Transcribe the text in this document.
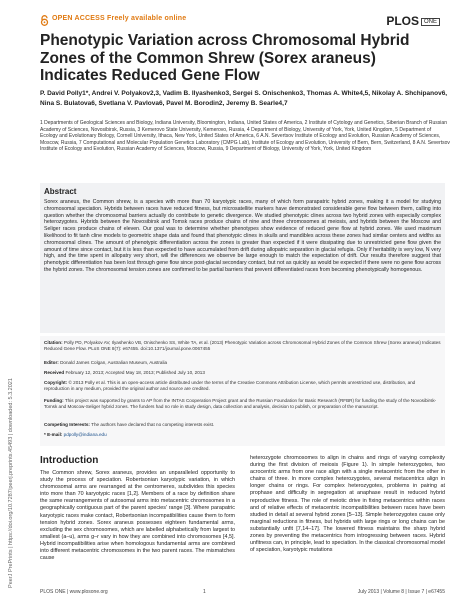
OPEN ACCESS Freely available online	PLOS ONE
Phenotypic Variation across Chromosomal Hybrid Zones of the Common Shrew (Sorex araneus) Indicates Reduced Gene Flow
P. David Polly1*, Andrei V. Polyakov2,3, Vadim B. Ilyashenko3, Sergei S. Onischenko3, Thomas A. White4,5, Nikolay A. Shchipanov6, Nina S. Bulatova6, Svetlana V. Pavlova6, Pavel M. Borodin2, Jeremy B. Searle4,7
1 Departments of Geological Sciences and Biology, Indiana University, Bloomington, Indiana, United States of America, 2 Institute of Cytology and Genetics, Siberian Branch of Russian Academy of Sciences, Novosibirsk, Russia, 3 Kemerovo State University, Kemerovo, Russia, 4 Department of Biology, University of York, York, United Kingdom, 5 Department of Ecology and Evolutionary Biology, Cornell University, Ithaca, New York, United States of America, 6 A.N. Severtsov Institute of Ecology and Evolution, Russian Academy of Sciences, Moscow, Russia, 7 Computational and Molecular Population Genetics Laboratory (CMPG Lab), Institute of Ecology and Evolution, University of Bern, Bern, Switzerland, 8 A.N. Severtsov Institute of Ecology and Evolution, Russian Academy of Sciences, Moscow, Russia, 9 Department of Biology, University of York, York, United Kingdom
Abstract
Sorex araneus, the Common shrew, is a species with more than 70 karyotypic races, many of which form parapatric hybrid zones, making it a model for studying chromosomal speciation. Hybrids between races have reduced fitness, but microsatellite markers have demonstrated considerable gene flow between them, calling into question whether the chromosomal barriers actually do contribute to genetic divergence. We studied phenotypic clines across two hybrid zones with especially complex heterozygotes. Hybrids between the Novosibirsk and Tomsk races produce chains of nine and three chromosomes at meiosis, and hybrids between the Moscow and Seliger races produce chains of eleven. Our goal was to determine whether phenotypes show evidence of reduced gene flow at hybrid zones. We used maximum likelihood to fit tanh cline models to geometric shape data and found that phenotypic clines in skulls and mandibles across these zones had similar centers and widths as chromosomal clines. The amount of phenotypic differentiation across the zones is greater than expected if it were dissipating due to unrestricted gene flow given the amount of time since contact, but it is less than expected to have accumulated from drift during allopatric separation in glacial refugia. Only if heritability is very low, N very high, and the time spent in allopatry very short, will the differences we observe be large enough to match the expectation of drift. Our results therefore suggest that phenotypic differentiation has been lost through gene flow since post-glacial secondary contact, but not as quickly as would be expected if there were no gene flow across the hybrid zones. The chromosomal tension zones are confirmed to be partial barriers that prevent differentiated races from becoming phenotypically homogenous.
Citation: Polly PD, Polyakov AV, Ilyashenko VB, Onischenko SS, White TA, et al. (2013) Phenotypic Variation across Chromosomal Hybrid Zones of the Common Shrew (Sorex araneus) Indicates Reduced Gene Flow. PLoS ONE 8(7): e67455. doi:10.1371/journal.pone.0067455
Editor: Donald James Colgan, Australian Museum, Australia
Received February 12, 2013; Accepted May 18, 2013; Published July 10, 2013
Copyright: © 2013 Polly et al. This is an open-access article distributed under the terms of the Creative Commons Attribution License, which permits unrestricted use, distribution, and reproduction in any medium, provided the original author and source are credited.
Funding: This project was supported by grants to AP from the INTAS Cooperation Project grant and the Russian Foundation for Basic Research (RFBR) for funding the study of the Novosibirsk-Tomsk and Moscow-Seliger hybrid zones. The funders had no role in study design, data collection and analysis, decision to publish, or preparation of the manuscript.
Competing Interests: The authors have declared that no competing interests exist.
* E-mail: pdpolly@indiana.edu
Introduction
The Common shrew, Sorex araneus, provides an unparalleled opportunity to study the process of speciation. Robertsonian karyotypic variation, in which chromosomal arms are rearranged at the centromeres, subdivides this species into more than 70 karyotypic races [1,2]. Members of a race by definition share the same rearrangements of autosomal arms into metacentric chromosomes in a geographically contiguous part of the parent species' range [3]. Where parapatric karyotypic races make contact, Robertsonian incompatibilities cause them to form tension hybrid zones. Sorex araneus possesses eighteen fundamental arms, excluding the sex chromosomes, which are labelled alphabetically from largest to smallest (a–u), arms g–r vary in how they are combined into chromosomes [4,5]. Hybrid incompatibilities arise when homologous fundamental arms are combined into different metacentric chromosomes in the two parent races. The mismatches cause
heterozygote chromosomes to align in chains and rings of varying complexity during the first division of meiosis (Figure 1). In simple heterozygotes, two acrocentric arms from one race align with a single metacentric from the other in chains of three. In more complex heterozygotes, several metacentrics align in longer chains or rings. For complex heterozygotes, problems in pairing at prophase and difficulty in segregation at anaphase result in reduced hybrid reproductive fitness. The role of meiotic drive in fixing metacentrics within races and of relative effects of metacentric incompatibilities between races have been studied in detail at several hybrid zones [5–13]. Simple heterozygotes cause only marginal reductions in fitness, but hybrids with large rings or long chains can be substantially unfit [7,14–17]. The lowered fitness maintains the sharp hybrid zones by preventing the metacentrics from introgressing between races. Hybrid unfitness can, in principle, lead to speciation. In the classical chromosomal model of speciation, karyotypic mutations
PLOS ONE | www.plosone.org	1	July 2013 | Volume 8 | Issue 7 | e67455
PeerJ PrePrints | https://doi.org/10.7287/peerj.preprints.45493 | downloaded: 5.3.2021
